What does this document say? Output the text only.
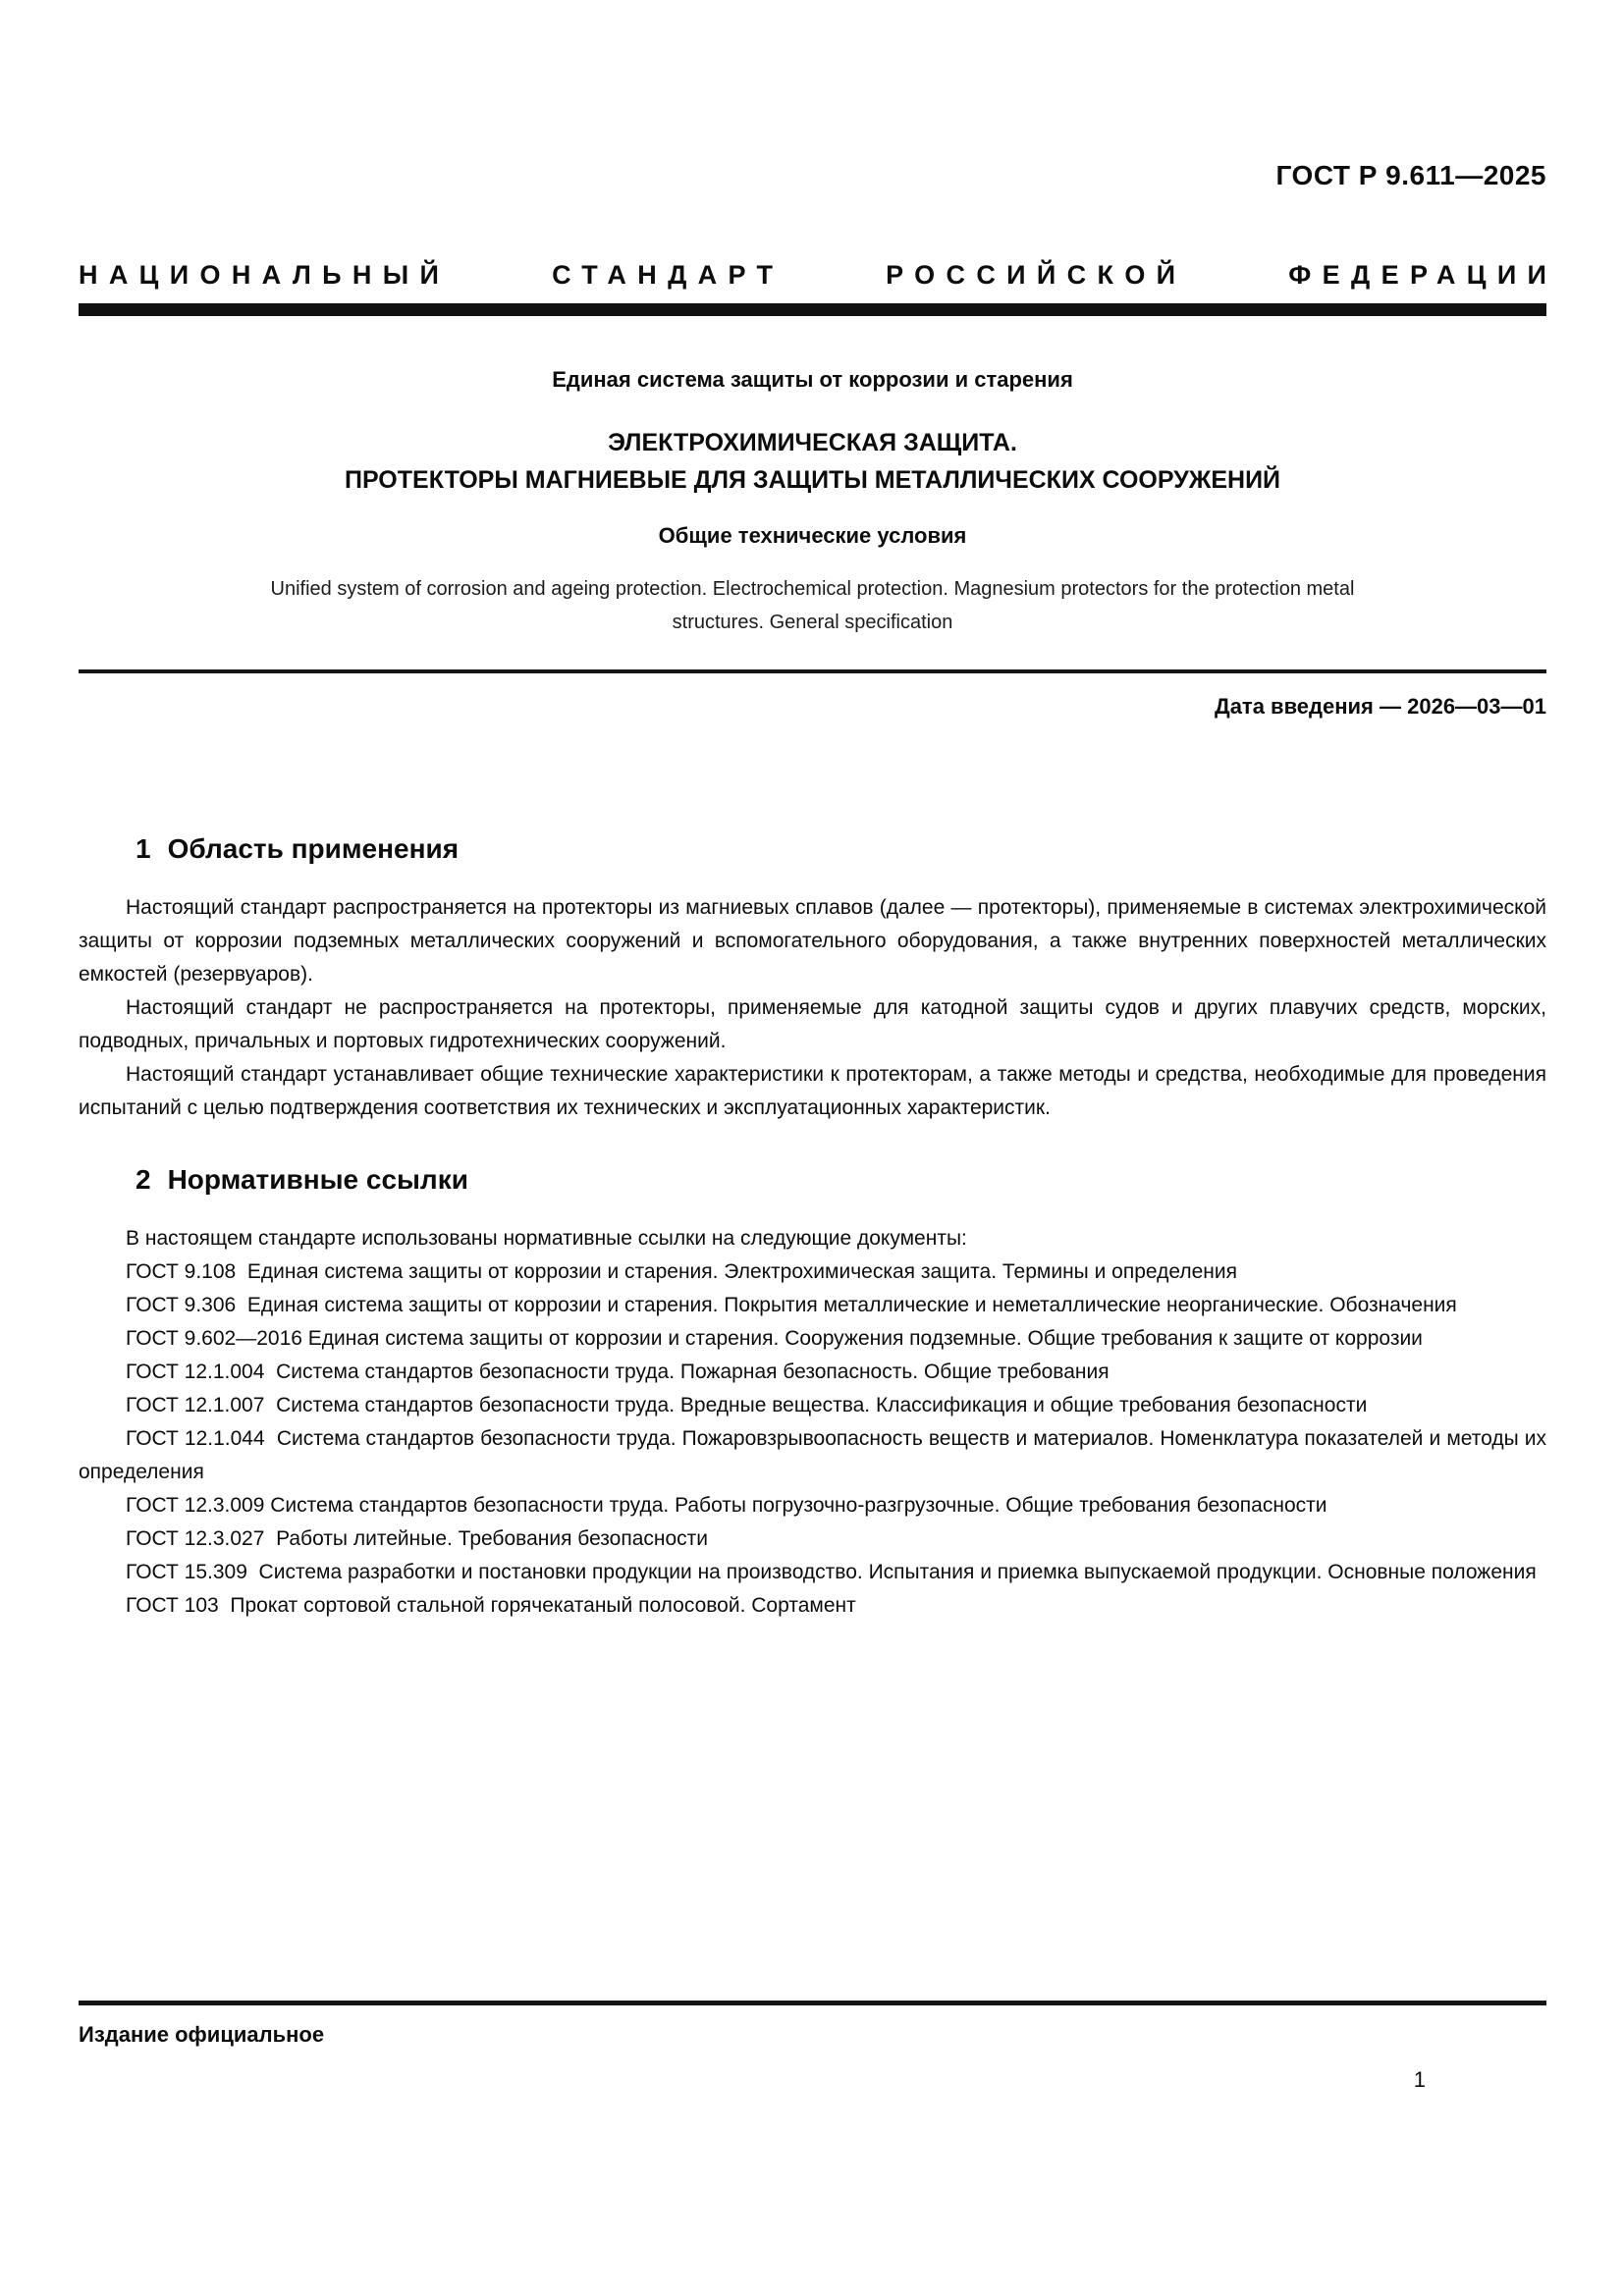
ГОСТ Р 9.611—2025
НАЦИОНАЛЬНЫЙ	СТАНДАРТ	РОССИЙСКОЙ	ФЕДЕРАЦИИ
Единая система защиты от коррозии и старения
ЭЛЕКТРОХИМИЧЕСКАЯ ЗАЩИТА.
ПРОТЕКТОРЫ МАГНИЕВЫЕ ДЛЯ ЗАЩИТЫ МЕТАЛЛИЧЕСКИХ СООРУЖЕНИЙ
Общие технические условия
Unified system of corrosion and ageing protection. Electrochemical protection. Magnesium protectors for the protection metal structures. General specification
Дата введения — 2026—03—01
1 Область применения

Настоящий стандарт распространяется на протекторы из магниевых сплавов (далее — протекторы), применяемые в системах электрохимической защиты от коррозии подземных металлических сооружений и вспомогательного оборудования, а также внутренних поверхностей металлических емкостей (резервуаров).

Настоящий стандарт не распространяется на протекторы, применяемые для катодной защиты судов и других плавучих средств, морских, подводных, причальных и портовых гидротехнических сооружений.

Настоящий стандарт устанавливает общие технические характеристики к протекторам, а также методы и средства, необходимые для проведения испытаний с целью подтверждения соответствия их технических и эксплуатационных характеристик.

2 Нормативные ссылки

В настоящем стандарте использованы нормативные ссылки на следующие документы:

ГОСТ 9.108  Единая система защиты от коррозии и старения. Электрохимическая защита. Термины и определения

ГОСТ 9.306  Единая система защиты от коррозии и старения. Покрытия металлические и неметаллические неорганические. Обозначения

ГОСТ 9.602—2016 Единая система защиты от коррозии и старения. Сооружения подземные. Общие требования к защите от коррозии

ГОСТ 12.1.004  Система стандартов безопасности труда. Пожарная безопасность. Общие требования

ГОСТ 12.1.007  Система стандартов безопасности труда. Вредные вещества. Классификация и общие требования безопасности

ГОСТ 12.1.044  Система стандартов безопасности труда. Пожаровзрывоопасность веществ и материалов. Номенклатура показателей и методы их определения

ГОСТ 12.3.009 Система стандартов безопасности труда. Работы погрузочно-разгрузочные. Общие требования безопасности

ГОСТ 12.3.027  Работы литейные. Требования безопасности

ГОСТ 15.309  Система разработки и постановки продукции на производство. Испытания и приемка выпускаемой продукции. Основные положения

ГОСТ 103  Прокат сортовой стальной горячекатаный полосовой. Сортамент

Издание официальное
1
